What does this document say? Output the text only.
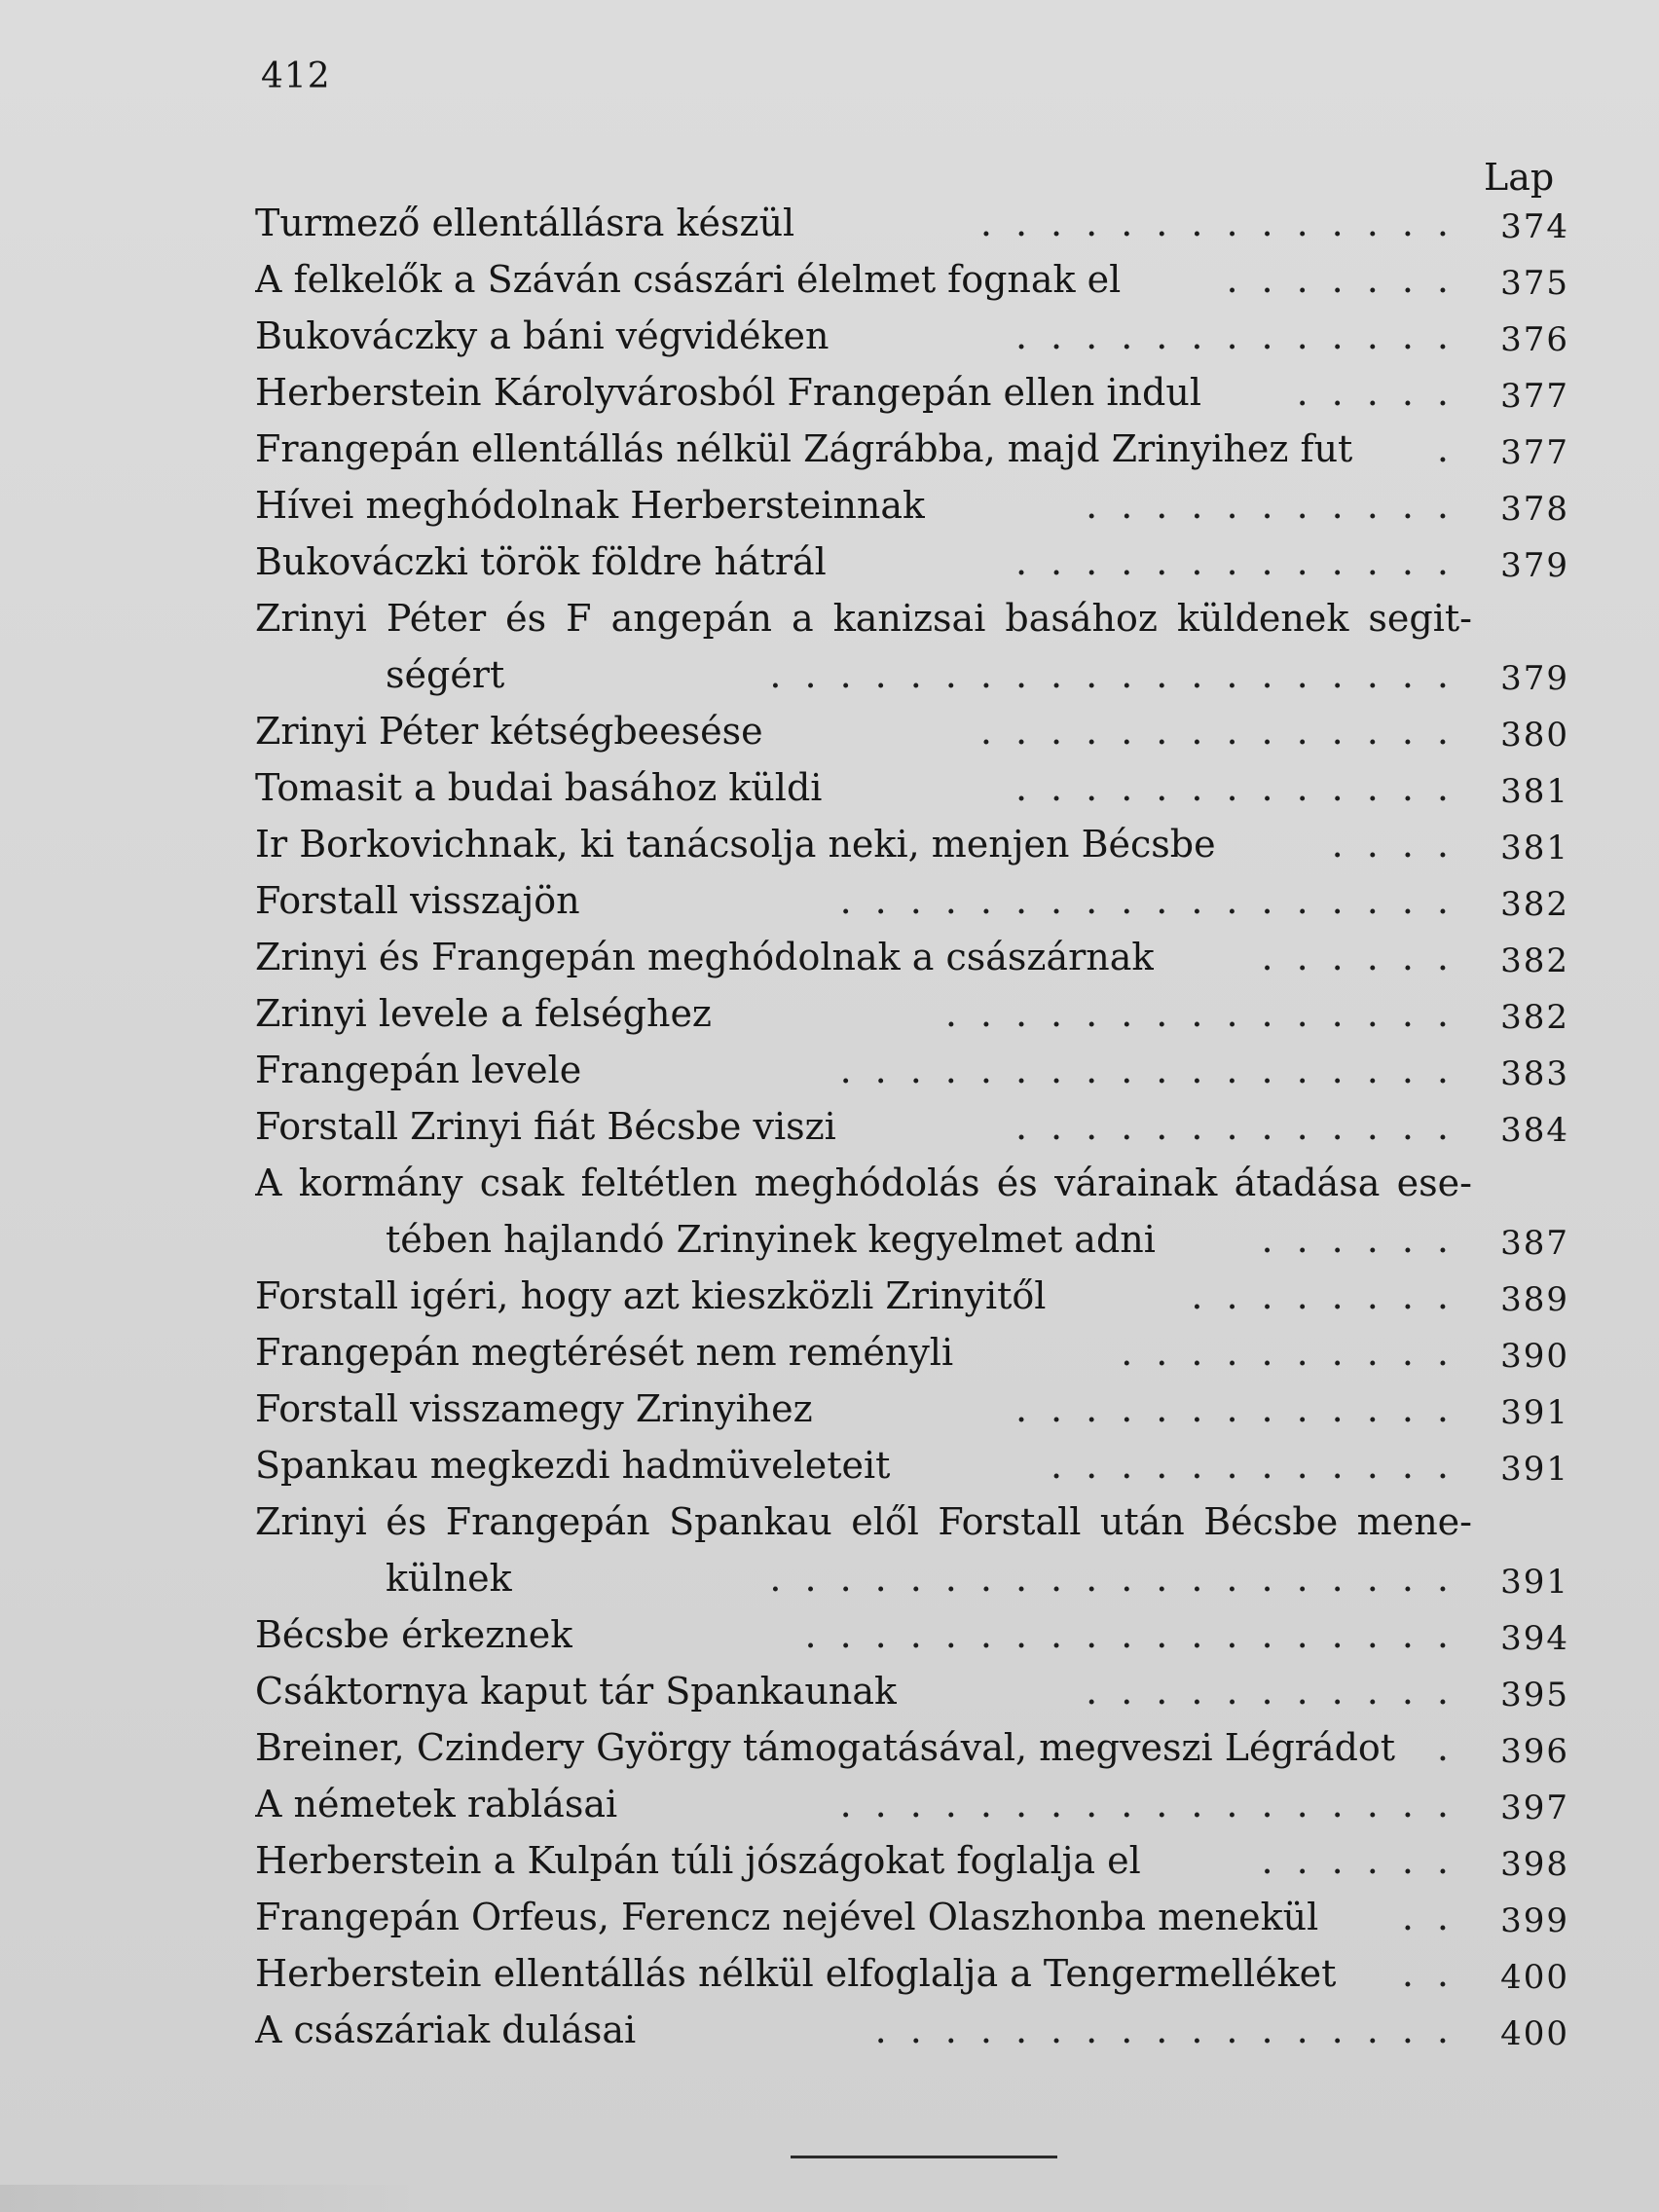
412
Lap
Turmező ellentállásra készül	.............. 374
A felkelők a Száván császári élelmet fognak el	....... 375
Bukováczky a báni végvidéken	............. 376
Herberstein Károlyvárosból Frangepán ellen indul	..... 377
Frangepán ellentállás nélkül Zágrábba, majd Zrinyihez fut	. 377
Hívei meghódolnak Herbersteinnak	........... 378
Bukováczki török földre hátrál	............. 379
Zrinyi Péter és F angepán a kanizsai basához küldenek segit-
ségért	.................... 379
Zrinyi Péter kétségbeesése	.............. 380
Tomasit a budai basához küldi	............. 381
Ir Borkovichnak, ki tanácsolja neki, menjen Bécsbe	.... 381
Forstall visszajön	.................. 382
Zrinyi és Frangepán meghódolnak a császárnak	...... 382
Zrinyi levele a felséghez	............... 382
Frangepán levele	.................. 383
Forstall Zrinyi fiát Bécsbe viszi	............. 384
A kormány csak feltétlen meghódolás és várainak átadása ese-
tében hajlandó Zrinyinek kegyelmet adni	...... 387
Forstall igéri, hogy azt kieszközli Zrinyitől	........ 389
Frangepán megtérését nem reményli	.......... 390
Forstall visszamegy Zrinyihez	............. 391
Spankau megkezdi hadmüveleteit	............ 391
Zrinyi és Frangepán Spankau elől Forstall után Bécsbe mene-
külnek	.................... 391
Bécsbe érkeznek	................... 394
Csáktornya kaput tár Spankaunak	........... 395
Breiner, Czindery György támogatásával, megveszi Légrádot	. 396
A németek rablásai	.................. 397
Herberstein a Kulpán túli jószágokat foglalja el	...... 398
Frangepán Orfeus, Ferencz nejével Olaszhonba menekül	.. 399
Herberstein ellentállás nélkül elfoglalja a Tengermelléket	.. 400
A császáriak dulásai	................. 400
